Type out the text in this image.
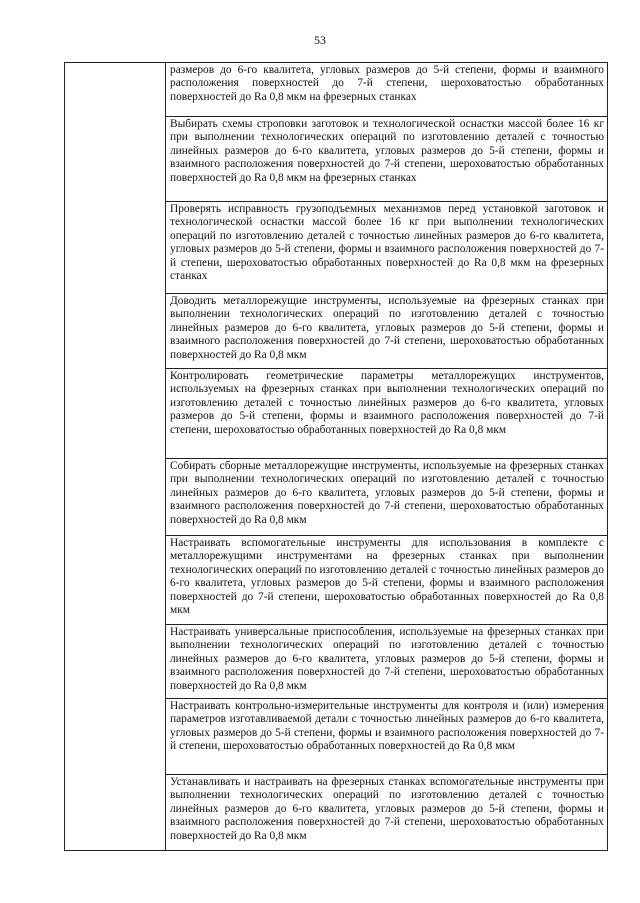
53

размеров до 6-го квалитета, угловых размеров до 5-й степени, формы и взаимного расположения поверхностей до 7-й степени, шероховатостью обработанных поверхностей до Ra 0,8 мкм на фрезерных станках

Выбирать схемы строповки заготовок и технологической оснастки массой более 16 кг при выполнении технологических операций по изготовлению деталей с точностью линейных размеров до 6-го квалитета, угловых размеров до 5-й степени, формы и взаимного расположения поверхностей до 7-й степени, шероховатостью обработанных поверхностей до Ra 0,8 мкм на фрезерных станках

Проверять исправность грузоподъемных механизмов перед установкой заготовок и технологической оснастки массой более 16 кг при выполнении технологических операций по изготовлению деталей с точностью линейных размеров до 6-го квалитета, угловых размеров до 5-й степени, формы и взаимного расположения поверхностей до 7-й степени, шероховатостью обработанных поверхностей до Ra 0,8 мкм на фрезерных станках

Доводить металлорежущие инструменты, используемые на фрезерных станках при выполнении технологических операций по изготовлению деталей с точностью линейных размеров до 6-го квалитета, угловых размеров до 5-й степени, формы и взаимного расположения поверхностей до 7-й степени, шероховатостью обработанных поверхностей до Ra 0,8 мкм

Контролировать геометрические параметры металлорежущих инструментов, используемых на фрезерных станках при выполнении технологических операций по изготовлению деталей с точностью линейных размеров до 6-го квалитета, угловых размеров до 5-й степени, формы и взаимного расположения поверхностей до 7-й степени, шероховатостью обработанных поверхностей до Ra 0,8 мкм

Собирать сборные металлорежущие инструменты, используемые на фрезерных станках при выполнении технологических операций по изготовлению деталей с точностью линейных размеров до 6-го квалитета, угловых размеров до 5-й степени, формы и взаимного расположения поверхностей до 7-й степени, шероховатостью обработанных поверхностей до Ra 0,8 мкм

Настраивать вспомогательные инструменты для использования в комплекте с металлорежущими инструментами на фрезерных станках при выполнении технологических операций по изготовлению деталей с точностью линейных размеров до 6-го квалитета, угловых размеров до 5-й степени, формы и взаимного расположения поверхностей до 7-й степени, шероховатостью обработанных поверхностей до Ra 0,8 мкм

Настраивать универсальные приспособления, используемые на фрезерных станках при выполнении технологических операций по изготовлению деталей с точностью линейных размеров до 6-го квалитета, угловых размеров до 5-й степени, формы и взаимного расположения поверхностей до 7-й степени, шероховатостью обработанных поверхностей до Ra 0,8 мкм

Настраивать контрольно-измерительные инструменты для контроля и (или) измерения параметров изготавливаемой детали с точностью линейных размеров до 6-го квалитета, угловых размеров до 5-й степени, формы и взаимного расположения поверхностей до 7-й степени, шероховатостью обработанных поверхностей до Ra 0,8 мкм

Устанавливать и настраивать на фрезерных станках вспомогательные инструменты при выполнении технологических операций по изготовлению деталей с точностью линейных размеров до 6-го квалитета, угловых размеров до 5-й степени, формы и взаимного расположения поверхностей до 7-й степени, шероховатостью обработанных поверхностей до Ra 0,8 мкм
